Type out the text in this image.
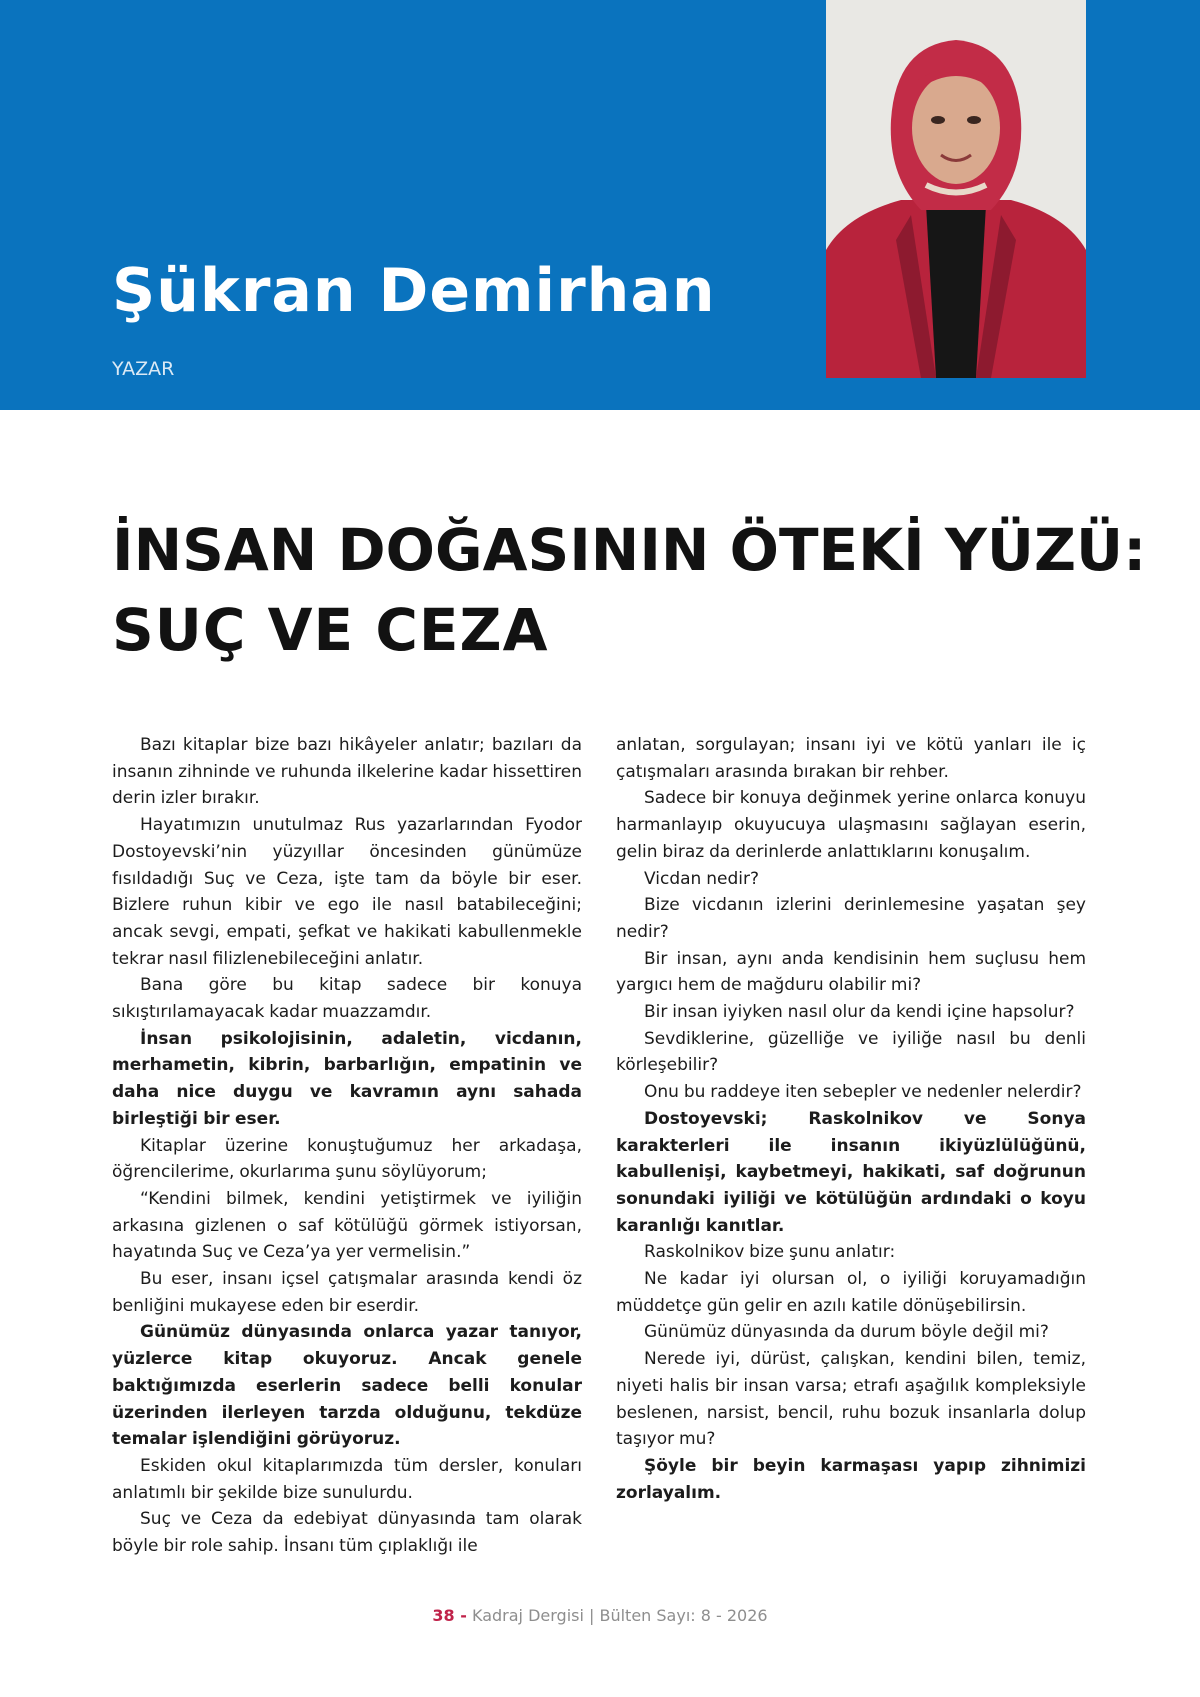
Şükran Demirhan
YAZAR
İNSAN DOĞASININ ÖTEKİ YÜZÜ:
SUÇ VE CEZA

Bazı kitaplar bize bazı hikâyeler anlatır; bazıları da insanın zihninde ve ruhunda ilkelerine kadar hissettiren derin izler bırakır.

Hayatımızın unutulmaz Rus yazarlarından Fyodor Dostoyevski’nin yüzyıllar öncesinden günümüze fısıldadığı Suç ve Ceza, işte tam da böyle bir eser. Bizlere ruhun kibir ve ego ile nasıl batabileceğini; ancak sevgi, empati, şefkat ve hakikati kabullenmekle tekrar nasıl filizlenebileceğini anlatır.

Bana göre bu kitap sadece bir konuya sıkıştırılamayacak kadar muazzamdır.

İnsan psikolojisinin, adaletin, vicdanın, merhametin, kibrin, barbarlığın, empatinin ve daha nice duygu ve kavramın aynı sahada birleştiği bir eser.

Kitaplar üzerine konuştuğumuz her arkadaşa, öğrencilerime, okurlarıma şunu söylüyorum;

“Kendini bilmek, kendini yetiştirmek ve iyiliğin arkasına gizlenen o saf kötülüğü görmek istiyorsan, hayatında Suç ve Ceza’ya yer vermelisin.”

Bu eser, insanı içsel çatışmalar arasında kendi öz benliğini mukayese eden bir eserdir.

Günümüz dünyasında onlarca yazar tanıyor, yüzlerce kitap okuyoruz. Ancak genele baktığımızda eserlerin sadece belli konular üzerinden ilerleyen tarzda olduğunu, tekdüze temalar işlendiğini görüyoruz.

Eskiden okul kitaplarımızda tüm dersler, konuları anlatımlı bir şekilde bize sunulurdu.

Suç ve Ceza da edebiyat dünyasında tam olarak böyle bir role sahip. İnsanı tüm çıplaklığı ile

anlatan, sorgulayan; insanı iyi ve kötü yanları ile iç çatışmaları arasında bırakan bir rehber.

Sadece bir konuya değinmek yerine onlarca konuyu harmanlayıp okuyucuya ulaşmasını sağlayan eserin, gelin biraz da derinlerde anlattıklarını konuşalım.

Vicdan nedir?

Bize vicdanın izlerini derinlemesine yaşatan şey nedir?

Bir insan, aynı anda kendisinin hem suçlusu hem yargıcı hem de mağduru olabilir mi?

Bir insan iyiyken nasıl olur da kendi içine hapsolur?

Sevdiklerine, güzelliğe ve iyiliğe nasıl bu denli körleşebilir?

Onu bu raddeye iten sebepler ve nedenler nelerdir?

Dostoyevski; Raskolnikov ve Sonya karakterleri ile insanın ikiyüzlülüğünü, kabullenişi, kaybetmeyi, hakikati, saf doğrunun sonundaki iyiliği ve kötülüğün ardındaki o koyu karanlığı kanıtlar.

Raskolnikov bize şunu anlatır:

Ne kadar iyi olursan ol, o iyiliği koruyamadığın müddetçe gün gelir en azılı katile dönüşebilirsin.

Günümüz dünyasında da durum böyle değil mi?

Nerede iyi, dürüst, çalışkan, kendini bilen, temiz, niyeti halis bir insan varsa; etrafı aşağılık kompleksiyle beslenen, narsist, bencil, ruhu bozuk insanlarla dolup taşıyor mu?

Şöyle bir beyin karmaşası yapıp zihnimizi zorlayalım.

38 - Kadraj Dergisi | Bülten Sayı: 8 - 2026
